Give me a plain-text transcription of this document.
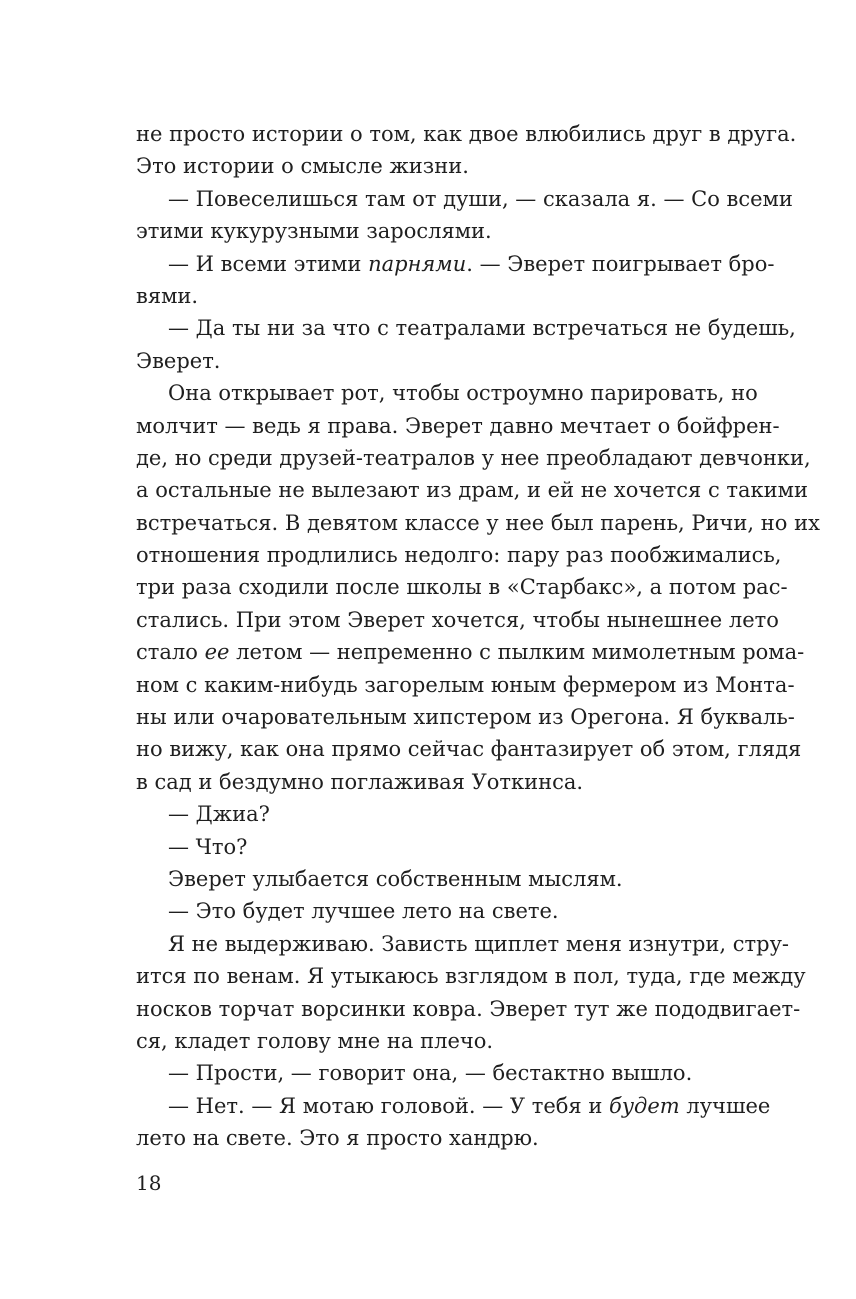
не просто истории о том, как двое влюбились друг в друга.
Это истории о смысле жизни.
— Повеселишься там от души, — сказала я. — Со всеми
этими кукурузными зарослями.
— И всеми этими парнями. — Эверет поигрывает бро-
вями.
— Да ты ни за что с театралами встречаться не будешь,
Эверет.
Она открывает рот, чтобы остроумно парировать, но
молчит — ведь я права. Эверет давно мечтает о бойфрен-
де, но среди друзей-театралов у нее преобладают девчонки,
а остальные не вылезают из драм, и ей не хочется с такими
встречаться. В девятом классе у нее был парень, Ричи, но их
отношения продлились недолго: пару раз пообжимались,
три раза сходили после школы в «Старбакс», а потом рас-
стались. При этом Эверет хочется, чтобы нынешнее лето
стало ее летом — непременно с пылким мимолетным рома-
ном с каким-нибудь загорелым юным фермером из Монта-
ны или очаровательным хипстером из Орегона. Я букваль-
но вижу, как она прямо сейчас фантазирует об этом, глядя
в сад и бездумно поглаживая Уоткинса.
— Джиа?
— Что?
Эверет улыбается собственным мыслям.
— Это будет лучшее лето на свете.
Я не выдерживаю. Зависть щиплет меня изнутри, стру-
ится по венам. Я утыкаюсь взглядом в пол, туда, где между
носков торчат ворсинки ковра. Эверет тут же пододвигает-
ся, кладет голову мне на плечо.
— Прости, — говорит она, — бестактно вышло.
— Нет. — Я мотаю головой. — У тебя и будет лучшее
лето на свете. Это я просто хандрю.
18
